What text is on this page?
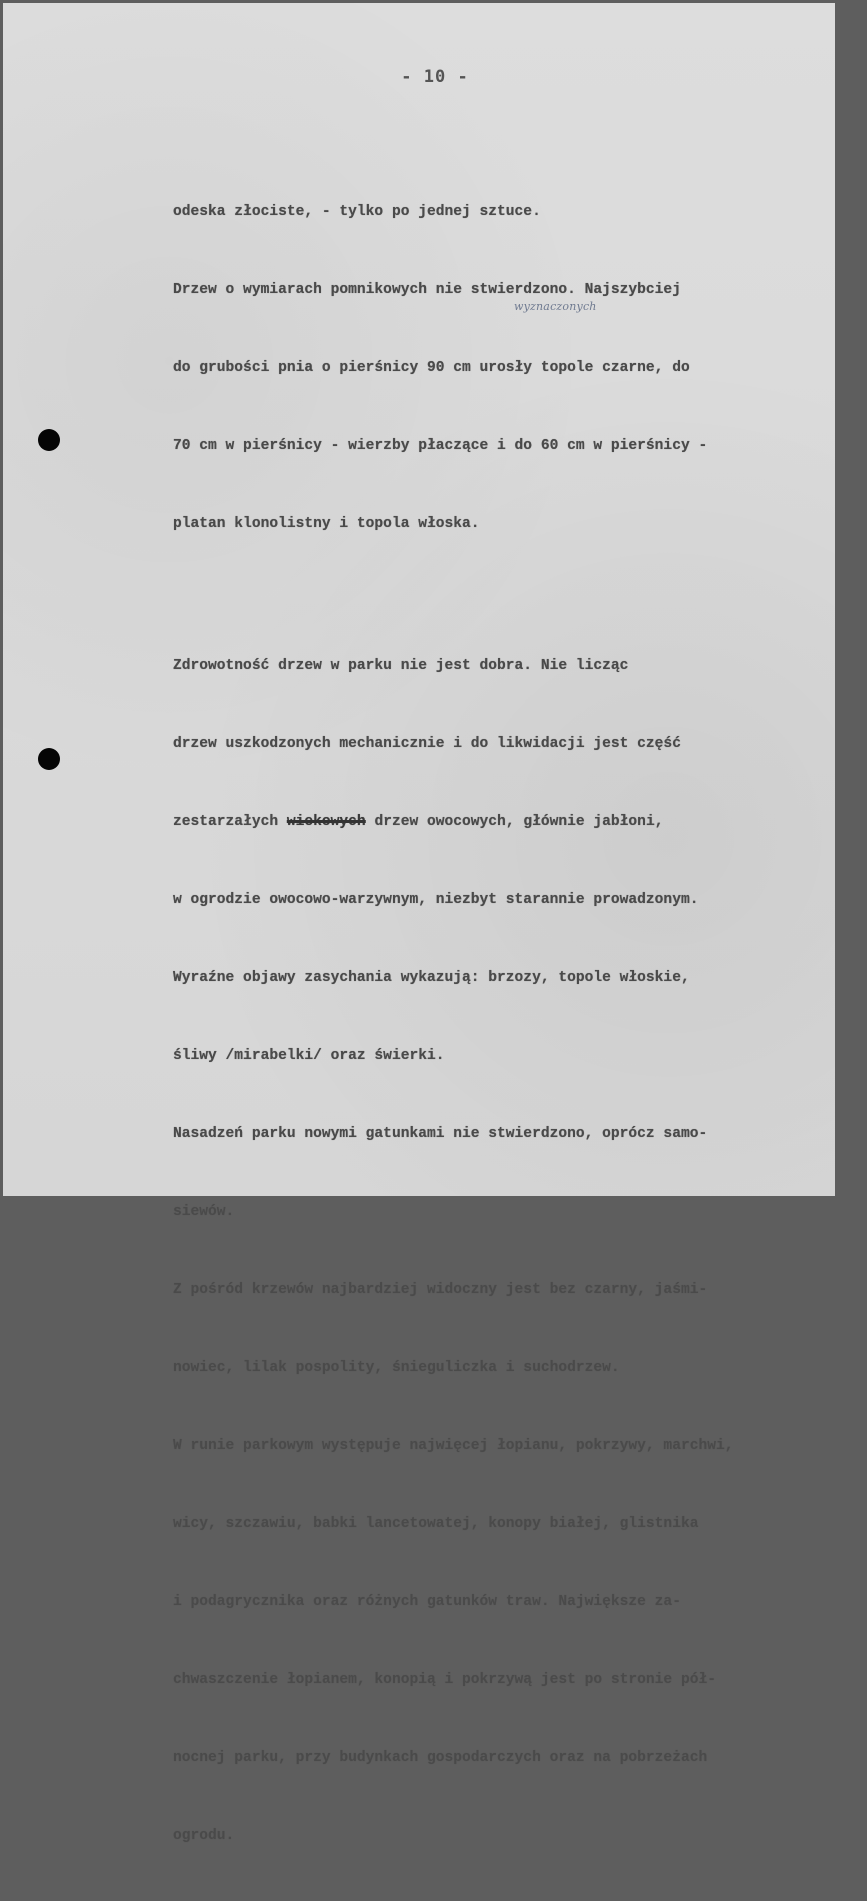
- 10 -

odeska złociste, - tylko po jednej sztuce.

Drzew o wymiarach pomnikowych nie stwierdzono. Najszybciej

do grubości pnia o pierśnicy 90 cm urosły topole czarne, do

70 cm w pierśnicy - wierzby płaczące i do 60 cm w pierśnicy -

platan klonolistny i topola włoska.

Zdrowotność drzew w parku nie jest dobra. Nie licząc

drzew uszkodzonych mechanicznie i do likwidacji jest część

zestarzałych wiekowych drzew owocowych, głównie jabłoni,

w ogrodzie owocowo-warzywnym, niezbyt starannie prowadzonym.

Wyraźne objawy zasychania wykazują: brzozy, topole włoskie,

śliwy /mirabelki/ oraz świerki.

Nasadzeń parku nowymi gatunkami nie stwierdzono, oprócz samo-

siewów.

Z pośród krzewów najbardziej widoczny jest bez czarny, jaśmi-

nowiec, lilak pospolity, śnieguliczka i suchodrzew.

W runie parkowym występuje najwięcej łopianu, pokrzywy, marchwi,

wicy, szczawiu, babki lancetowatej, konopy białej, glistnika

i podagrycznika oraz różnych gatunków traw. Największe za-

chwaszczenie łopianem, konopią i pokrzywą jest po stronie pół-

nocnej parku, przy budynkach gospodarczych oraz na pobrzeżach

ogrodu.

wyznaczonych
